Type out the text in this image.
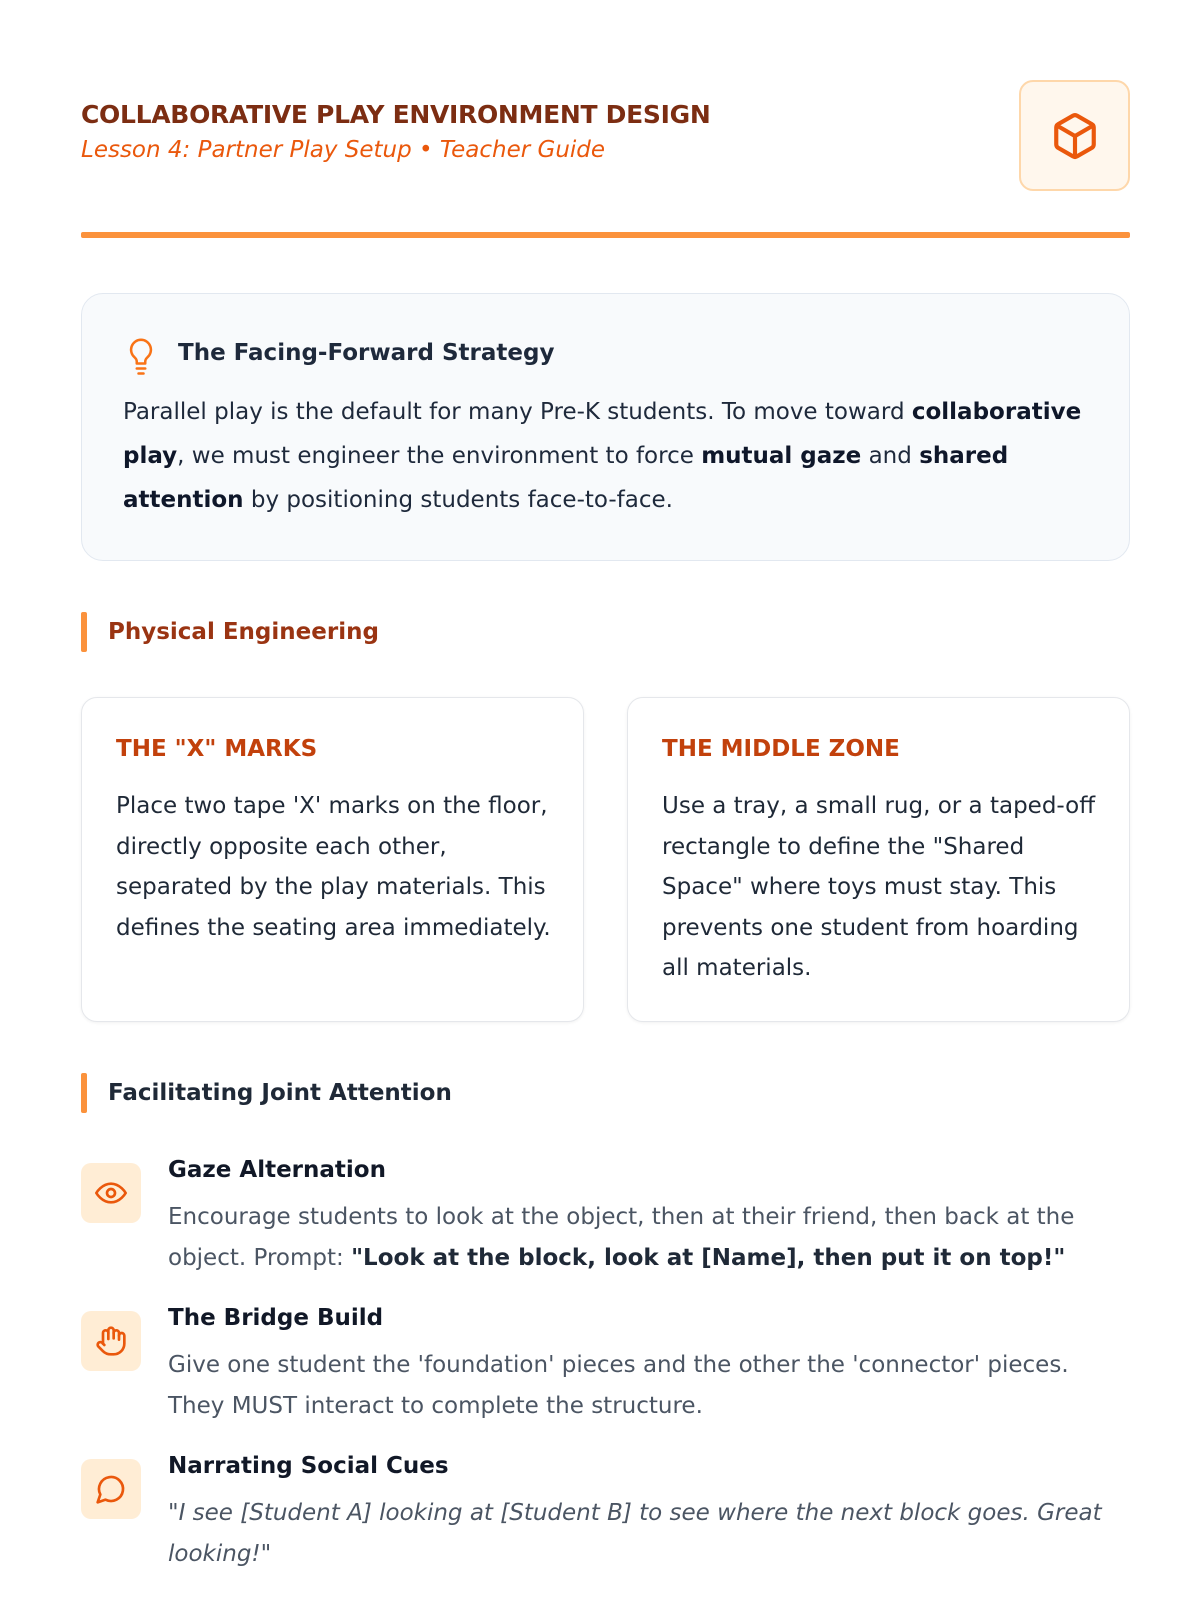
COLLABORATIVE PLAY ENVIRONMENT DESIGN
Lesson 4: Partner Play Setup • Teacher Guide
The Facing-Forward Strategy
Parallel play is the default for many Pre-K students. To move toward collaborative play, we must engineer the environment to force mutual gaze and shared attention by positioning students face-to-face.
Physical Engineering
THE "X" MARKS
Place two tape 'X' marks on the floor, directly opposite each other, separated by the play materials. This defines the seating area immediately.
THE MIDDLE ZONE
Use a tray, a small rug, or a taped-off rectangle to define the "Shared Space" where toys must stay. This prevents one student from hoarding all materials.
Facilitating Joint Attention
Gaze Alternation
Encourage students to look at the object, then at their friend, then back at the object. Prompt: "Look at the block, look at [Name], then put it on top!"
The Bridge Build
Give one student the 'foundation' pieces and the other the 'connector' pieces. They MUST interact to complete the structure.
Narrating Social Cues
"I see [Student A] looking at [Student B] to see where the next block goes. Great looking!"
